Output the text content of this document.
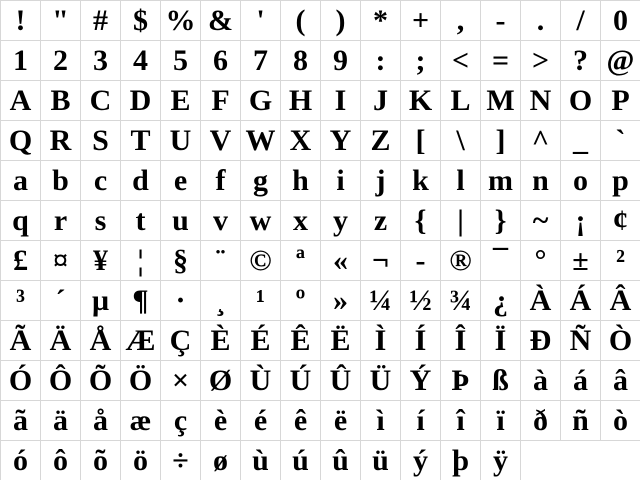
! " # $ % & '	(	) * + ,	-	.	/ 0
1 2 3 4 5 6 7 8 9 :	; < = > ? @
A B C D E F G H I J K L M N O P
Q R S T U V W X Y Z [	\	] ^ _ `
a b c d e f g h i	j k l m n o p
q r s t u v w x y z {	|	} ~ ¡ ¢
£ ¤ ¥ ¦ § ¨ © ª « ¬ - ® ¯ ° ± ²
³	´ µ ¶ ·	¸	¹	º » ¼ ½ ¾ ¿ À Á Â
Ã Ä Å Æ Ç È É Ê Ë Ì Í Î Ï Ð Ñ Ò
Ó Ô Õ Ö × Ø Ù Ú Û Ü Ý Þ ß à á â
ã ä å æ ç è é ê ë ì	í	î	ï ð ñ ò
ó ô õ ö ÷ ø ù ú û ü ý þ ÿ
